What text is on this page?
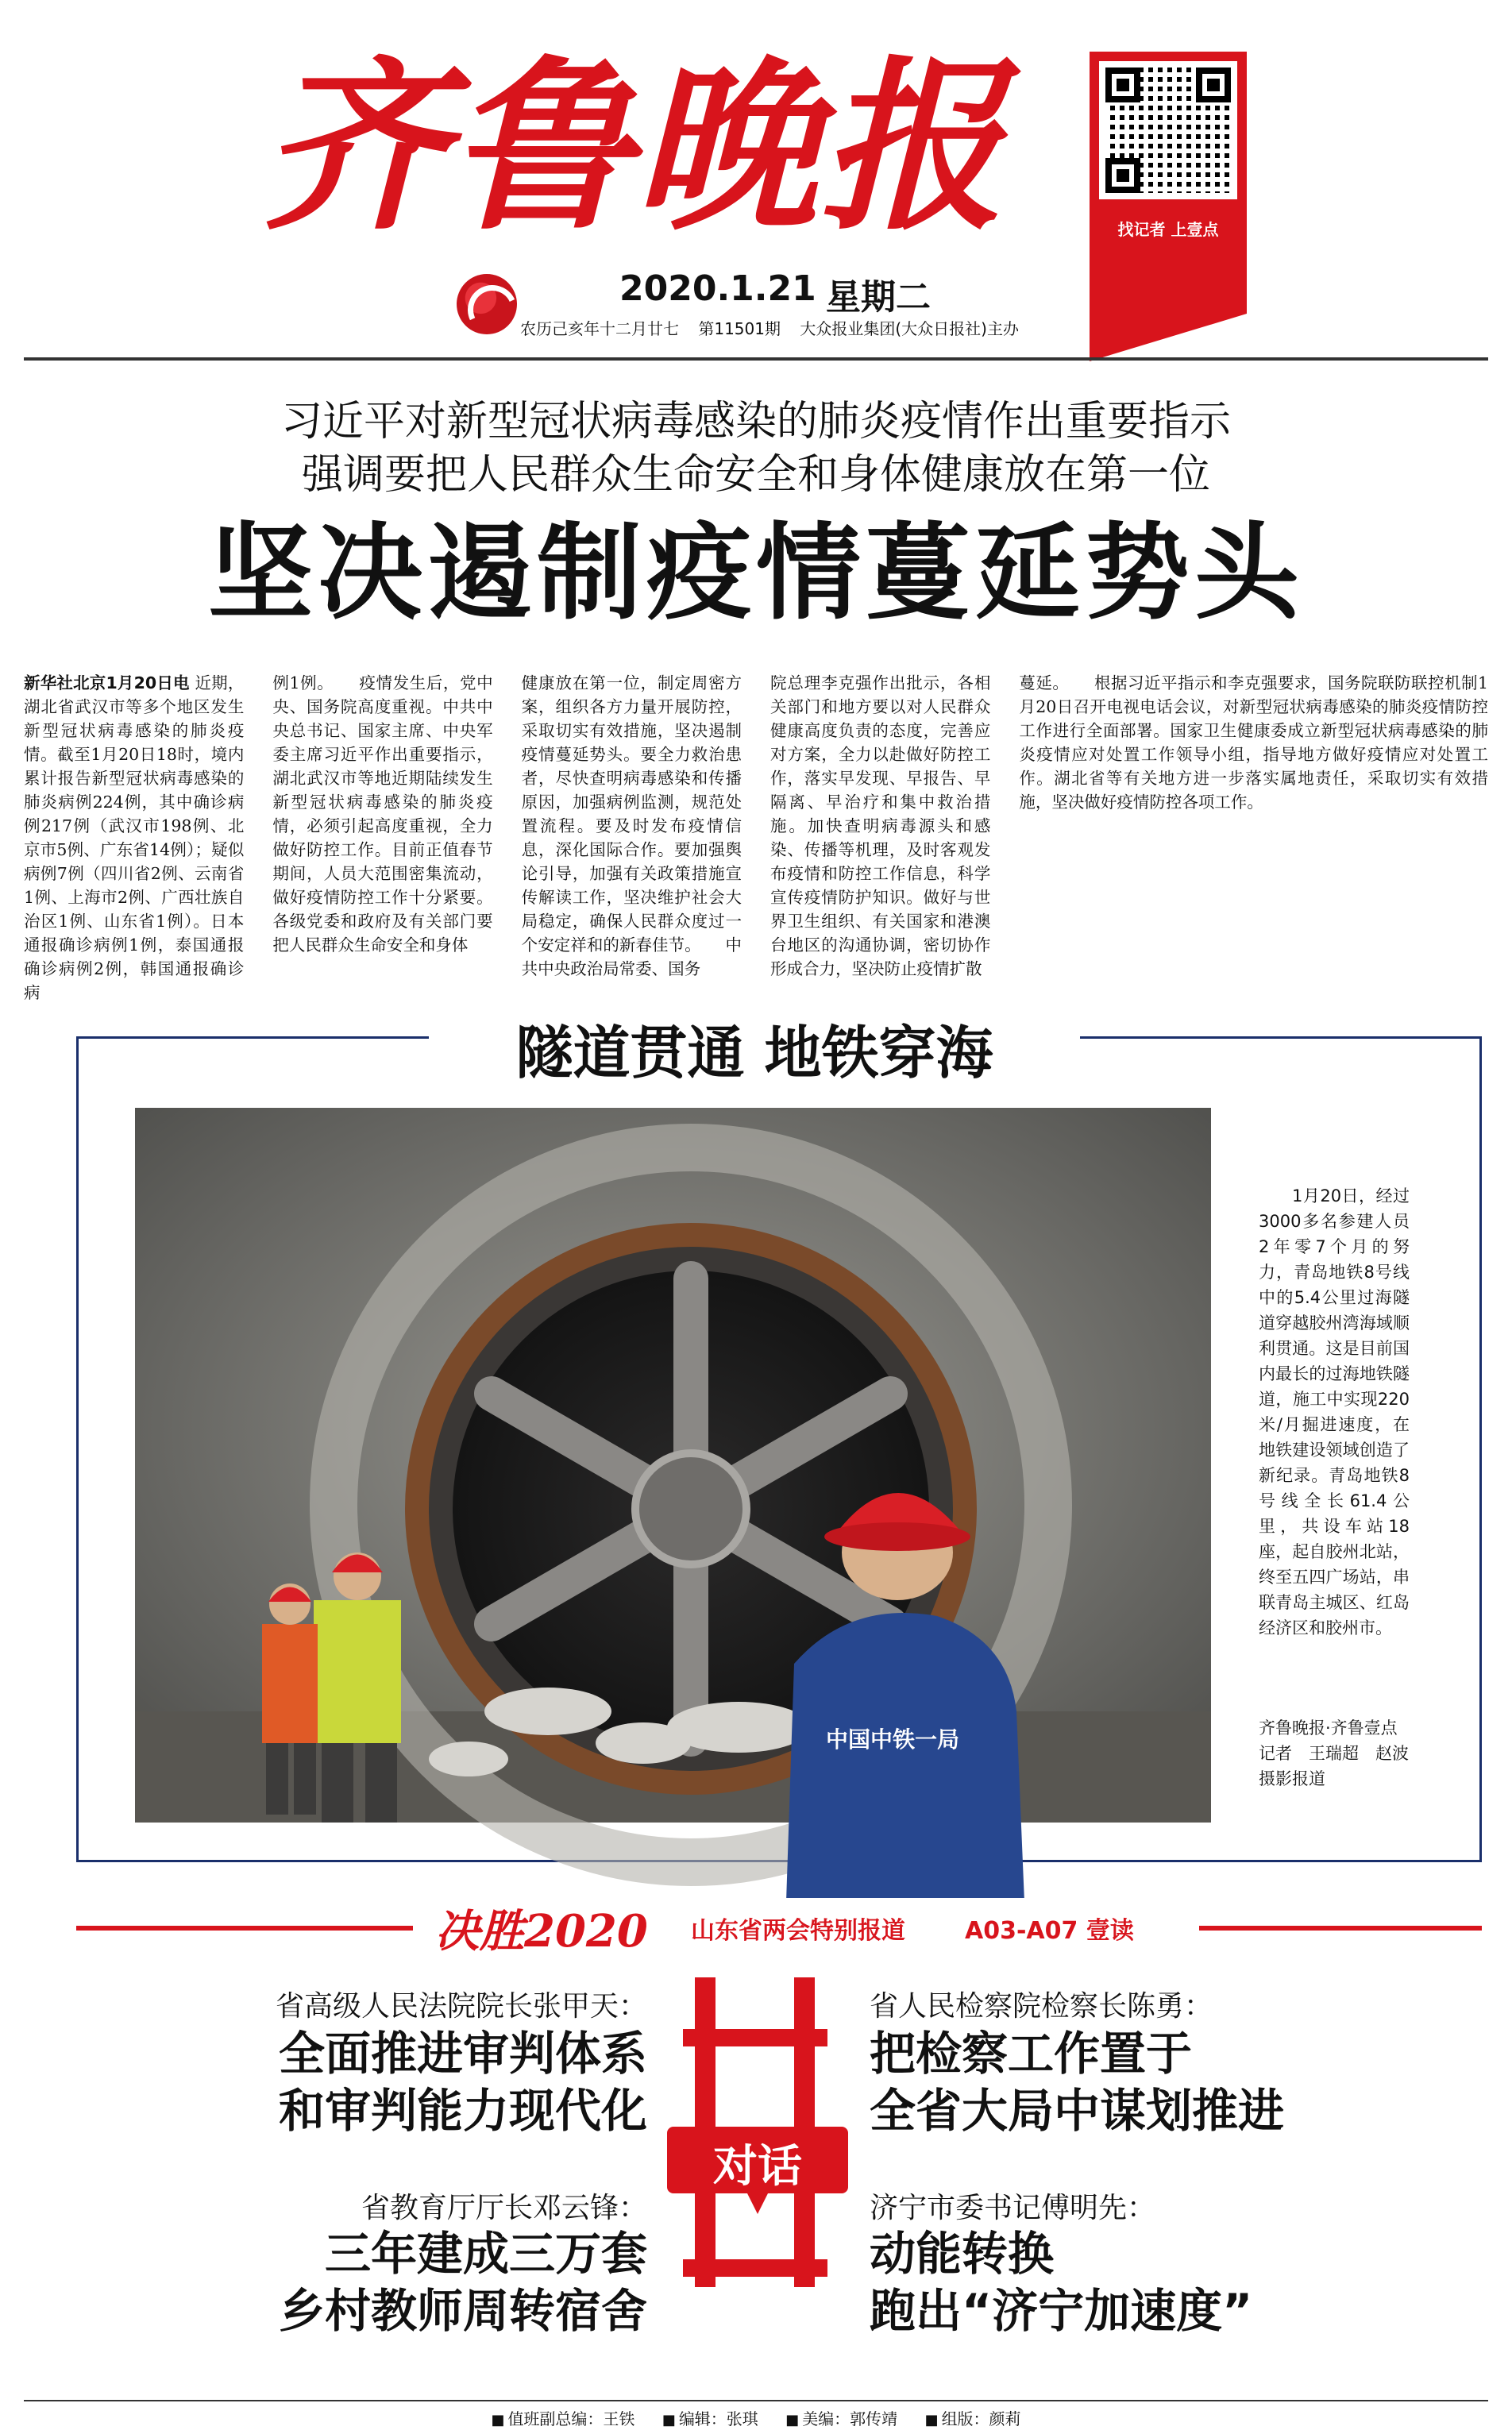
齐鲁晚报
2020.1.21 星期二
农历己亥年十二月廿七 第11501期 大众报业集团(大众日报社)主办
找记者 上壹点
习近平对新型冠状病毒感染的肺炎疫情作出重要指示
强调要把人民群众生命安全和身体健康放在第一位
坚决遏制疫情蔓延势头
新华社北京1月20日电 近期，湖北省武汉市等多个地区发生新型冠状病毒感染的肺炎疫情。截至1月20日18时，境内累计报告新型冠状病毒感染的肺炎病例224例，其中确诊病例217例（武汉市198例、北京市5例、广东省14例）；疑似病例7例（四川省2例、云南省1例、上海市2例、广西壮族自治区1例、山东省1例）。日本通报确诊病例1例，泰国通报确诊病例2例，韩国通报确诊病
例1例。　　疫情发生后，党中央、国务院高度重视。中共中央总书记、国家主席、中央军委主席习近平作出重要指示，湖北武汉市等地近期陆续发生新型冠状病毒感染的肺炎疫情，必须引起高度重视，全力做好防控工作。目前正值春节期间，人员大范围密集流动，做好疫情防控工作十分紧要。各级党委和政府及有关部门要把人民群众生命安全和身体
健康放在第一位，制定周密方案，组织各方力量开展防控，采取切实有效措施，坚决遏制疫情蔓延势头。要全力救治患者，尽快查明病毒感染和传播原因，加强病例监测，规范处置流程。要及时发布疫情信息，深化国际合作。要加强舆论引导，加强有关政策措施宣传解读工作，坚决维护社会大局稳定，确保人民群众度过一个安定祥和的新春佳节。　　中共中央政治局常委、国务
院总理李克强作出批示，各相关部门和地方要以对人民群众健康高度负责的态度，完善应对方案，全力以赴做好防控工作，落实早发现、早报告、早隔离、早治疗和集中救治措施。加快查明病毒源头和感染、传播等机理，及时客观发布疫情和防控工作信息，科学宣传疫情防护知识。做好与世界卫生组织、有关国家和港澳台地区的沟通协调，密切协作形成合力，坚决防止疫情扩散
蔓延。　　根据习近平指示和李克强要求，国务院联防联控机制1月20日召开电视电话会议，对新型冠状病毒感染的肺炎疫情防控工作进行全面部署。国家卫生健康委成立新型冠状病毒感染的肺炎疫情应对处置工作领导小组，指导地方做好疫情应对处置工作。湖北省等有关地方进一步落实属地责任，采取切实有效措施，坚决做好疫情防控各项工作。
隧道贯通 地铁穿海
中国中铁一局

1月20日，经过3000多名参建人员2年零7个月的努力，青岛地铁8号线中的5.4公里过海隧道穿越胶州湾海域顺利贯通。这是目前国内最长的过海地铁隧道，施工中实现220米/月掘进速度，在地铁建设领域创造了新纪录。青岛地铁8号线全长61.4公里，共设车站18座，起自胶州北站，终至五四广场站，串联青岛主城区、红岛经济区和胶州市。

齐鲁晚报·齐鲁壹点记者　王瑞超　赵波　摄影报道
决胜2020 山东省两会特别报道	A03-A07 壹读
对话
省高级人民法院院长张甲天：
全面推进审判体系
和审判能力现代化
省人民检察院检察长陈勇：
把检察工作置于
全省大局中谋划推进
省教育厅厅长邓云锋：
三年建成三万套
乡村教师周转宿舍
济宁市委书记傅明先：
动能转换
跑出“济宁加速度”
■ 值班副总编：王铁	■ 编辑：张琪	■ 美编：郭传靖	■ 组版：颜莉
